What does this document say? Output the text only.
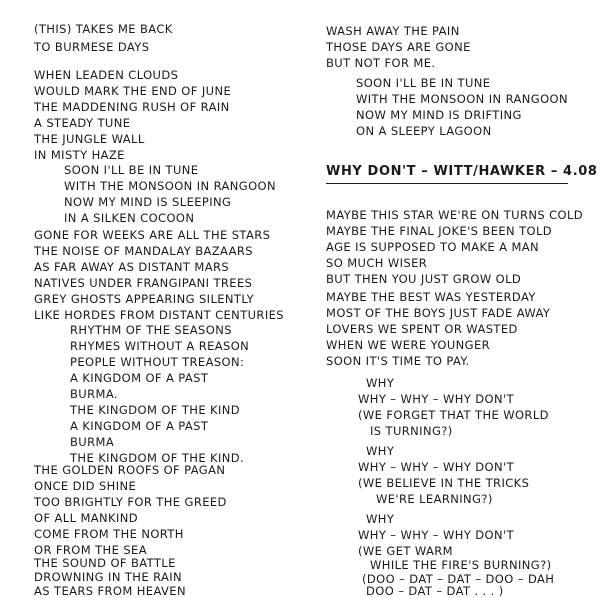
(THIS) TAKES ME BACK
TO BURMESE DAYS
WHEN LEADEN CLOUDS
WOULD MARK THE END OF JUNE
THE MADDENING RUSH OF RAIN
A STEADY TUNE
THE JUNGLE WALL
IN MISTY HAZE
SOON I'LL BE IN TUNE
WITH THE MONSOON IN RANGOON
NOW MY MIND IS SLEEPING
IN A SILKEN COCOON
GONE FOR WEEKS ARE ALL THE STARS
THE NOISE OF MANDALAY BAZAARS
AS FAR AWAY AS DISTANT MARS
NATIVES UNDER FRANGIPANI TREES
GREY GHOSTS APPEARING SILENTLY
LIKE HORDES FROM DISTANT CENTURIES
RHYTHM OF THE SEASONS
RHYMES WITHOUT A REASON
PEOPLE WITHOUT TREASON:
A KINGDOM OF A PAST
BURMA.
THE KINGDOM OF THE KIND
A KINGDOM OF A PAST
BURMA
THE KINGDOM OF THE KIND.
THE GOLDEN ROOFS OF PAGAN
ONCE DID SHINE
TOO BRIGHTLY FOR THE GREED
OF ALL MANKIND
COME FROM THE NORTH
OR FROM THE SEA
THE SOUND OF BATTLE
DROWNING IN THE RAIN
AS TEARS FROM HEAVEN
WASH AWAY THE PAIN
THOSE DAYS ARE GONE
BUT NOT FOR ME.
SOON I'LL BE IN TUNE
WITH THE MONSOON IN RANGOON
NOW MY MIND IS DRIFTING
ON A SLEEPY LAGOON
WHY DON'T – WITT/HAWKER – 4.08
MAYBE THIS STAR WE'RE ON TURNS COLD
MAYBE THE FINAL JOKE'S BEEN TOLD
AGE IS SUPPOSED TO MAKE A MAN
SO MUCH WISER
BUT THEN YOU JUST GROW OLD
MAYBE THE BEST WAS YESTERDAY
MOST OF THE BOYS JUST FADE AWAY
LOVERS WE SPENT OR WASTED
WHEN WE WERE YOUNGER
SOON IT'S TIME TO PAY.
WHY
WHY – WHY – WHY DON'T
(WE FORGET THAT THE WORLD
IS TURNING?)
WHY
WHY – WHY – WHY DON'T
(WE BELIEVE IN THE TRICKS
WE'RE LEARNING?)
WHY
WHY – WHY – WHY DON'T
(WE GET WARM
WHILE THE FIRE'S BURNING?)
(DOO – DAT – DAT – DOO – DAH
DOO – DAT – DAT . . . )
